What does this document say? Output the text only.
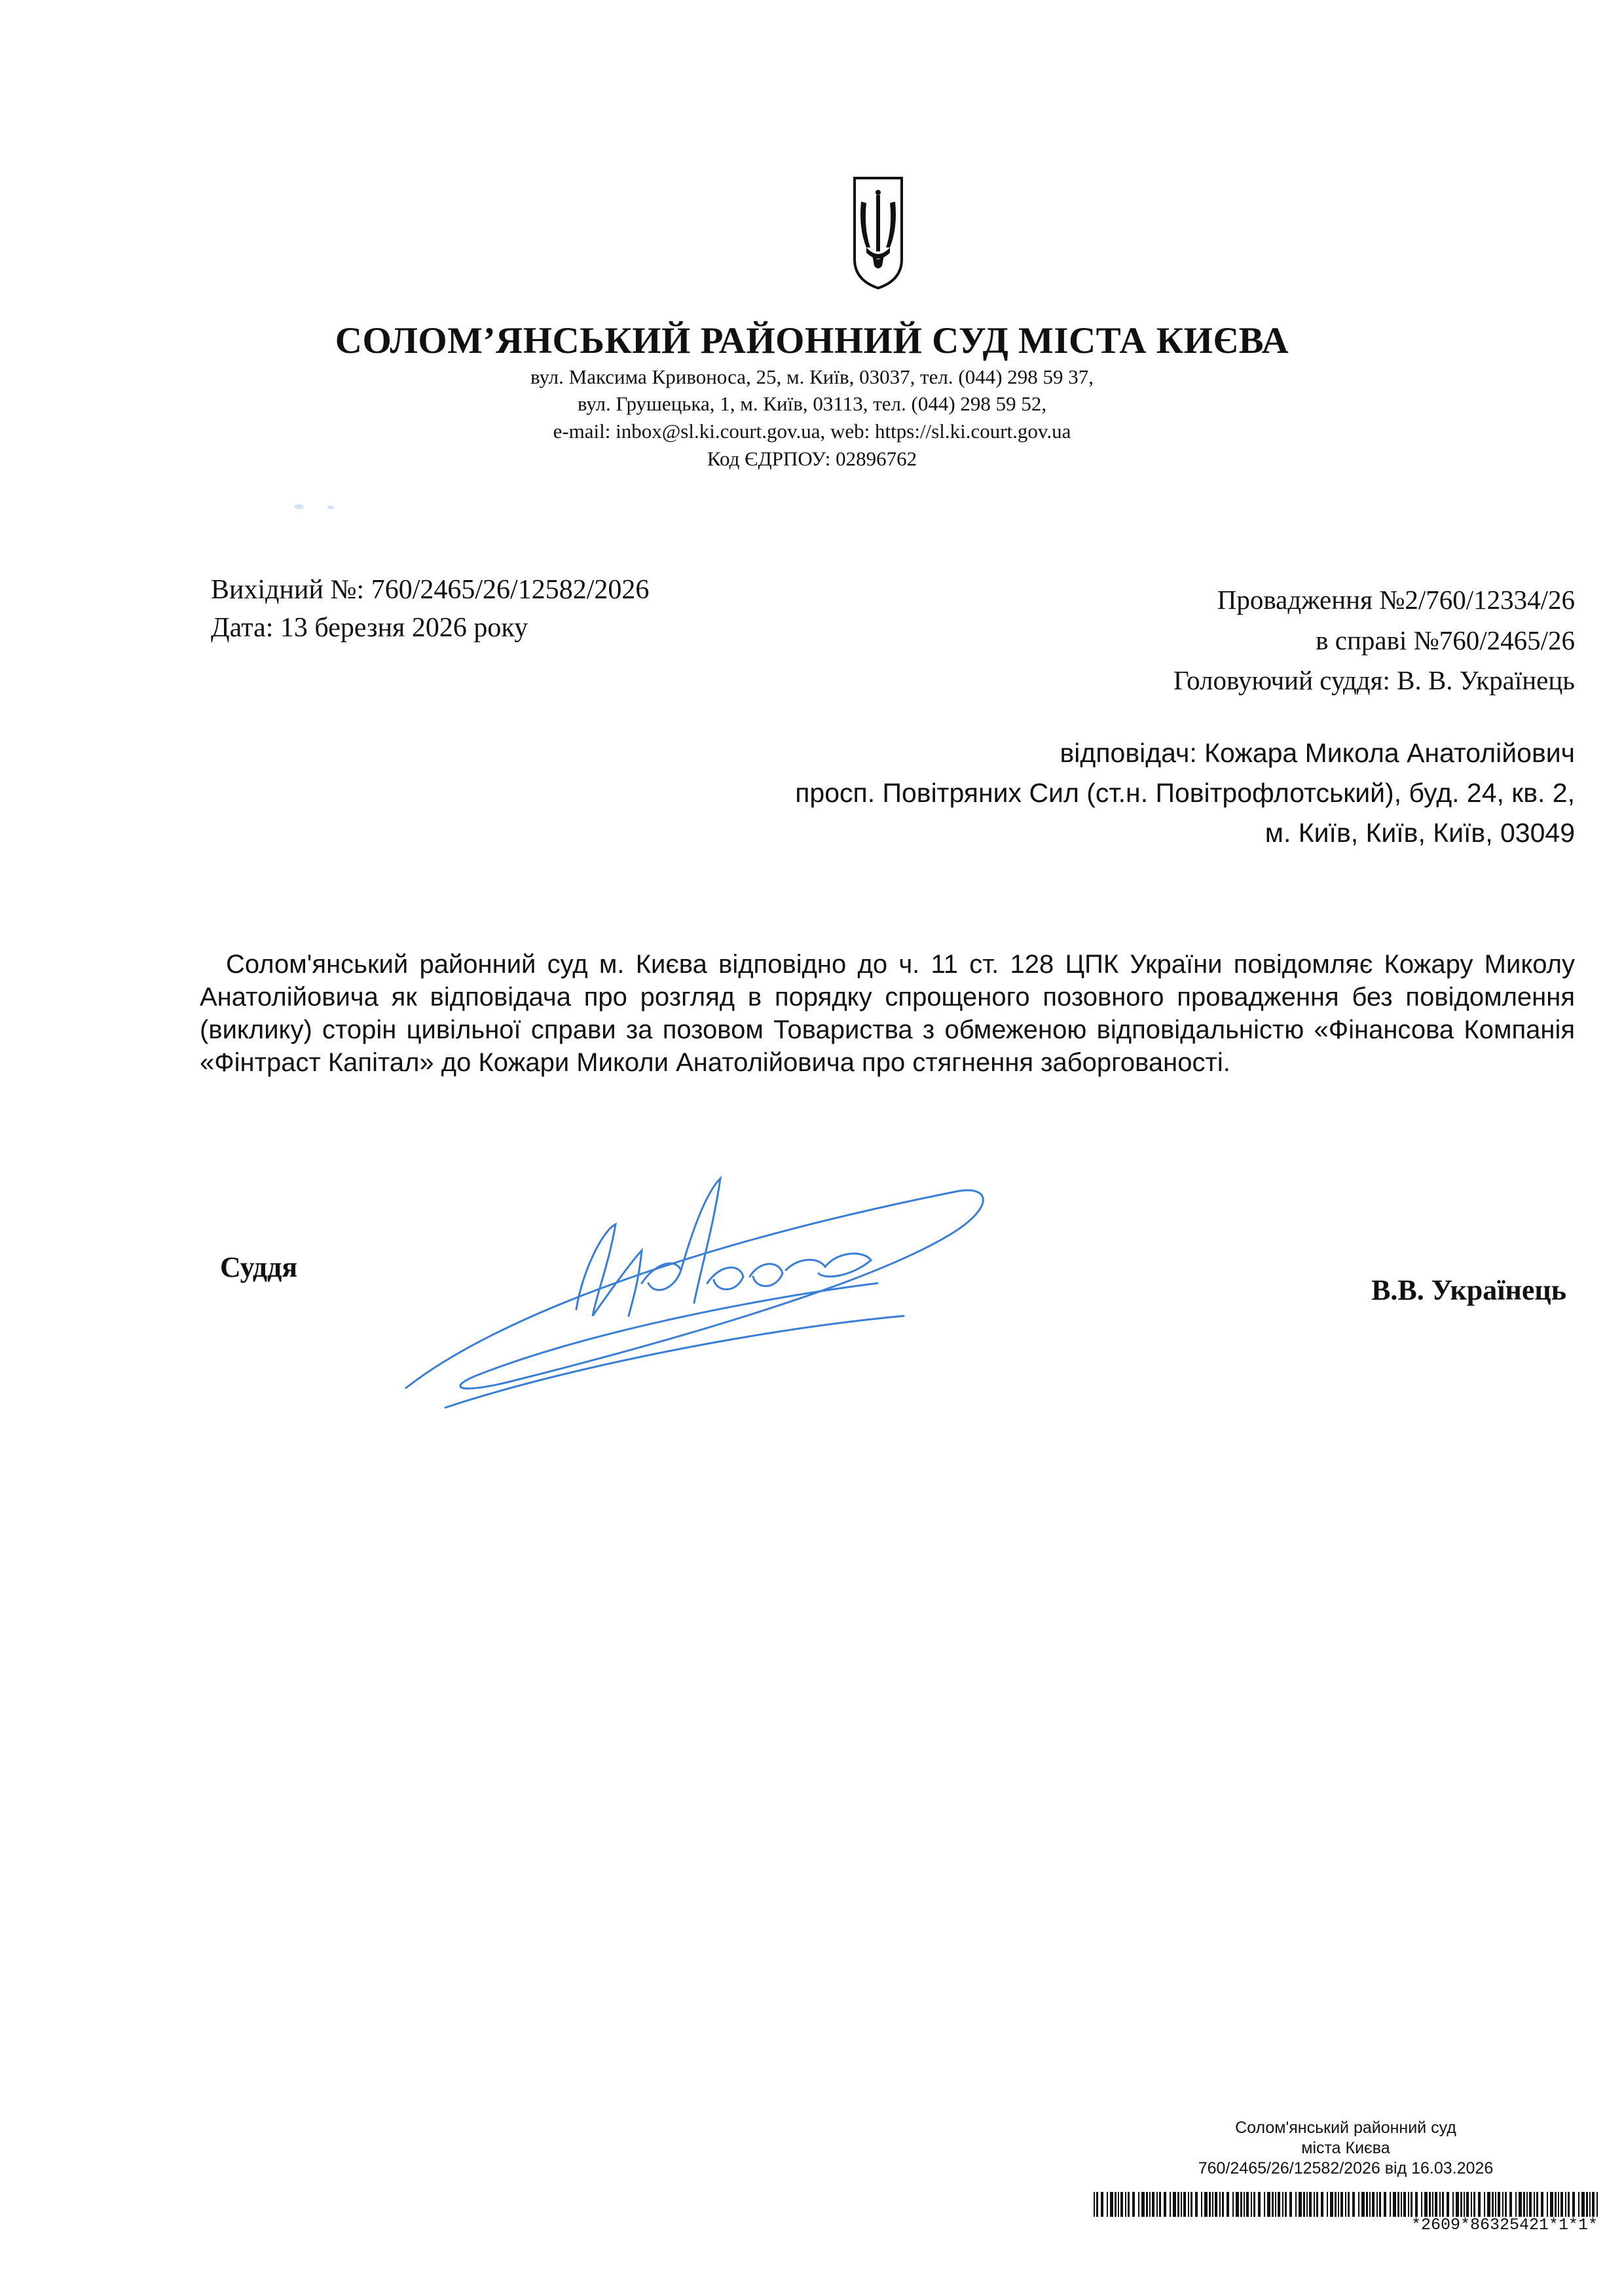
СОЛОМ’ЯНСЬКИЙ РАЙОННИЙ СУД МІСТА КИЄВА
вул. Максима Кривоноса, 25, м. Київ, 03037, тел. (044) 298 59 37,
вул. Грушецька, 1, м. Київ, 03113, тел. (044) 298 59 52,
e-mail: inbox@sl.ki.court.gov.ua, web: https://sl.ki.court.gov.ua
Код ЄДРПОУ: 02896762
Вихідний №: 760/2465/26/12582/2026
Дата: 13 березня 2026 року
Провадження №2/760/12334/26
в справі №760/2465/26
Головуючий суддя: В. В. Українець
відповідач: Кожара Микола Анатолійович
просп. Повітряних Сил (ст.н. Повітрофлотський), буд. 24, кв. 2,
м. Київ, Київ, Київ, 03049
Солом'янський районний суд м. Києва відповідно до ч. 11 ст. 128 ЦПК України повідомляє Кожару Миколу Анатолійовича як відповідача про розгляд в порядку спрощеного позовного провадження без повідомлення (виклику) сторін цивільної справи за позовом Товариства з обмеженою відповідальністю «Фінансова Компанія «Фінтраст Капітал» до Кожари Миколи Анатолійовича про стягнення заборгованості.
Суддя
В.В. Українець
Солом'янський районний суд
міста Києва
760/2465/26/12582/2026 від 16.03.2026
*2609*86325421*1*1*
